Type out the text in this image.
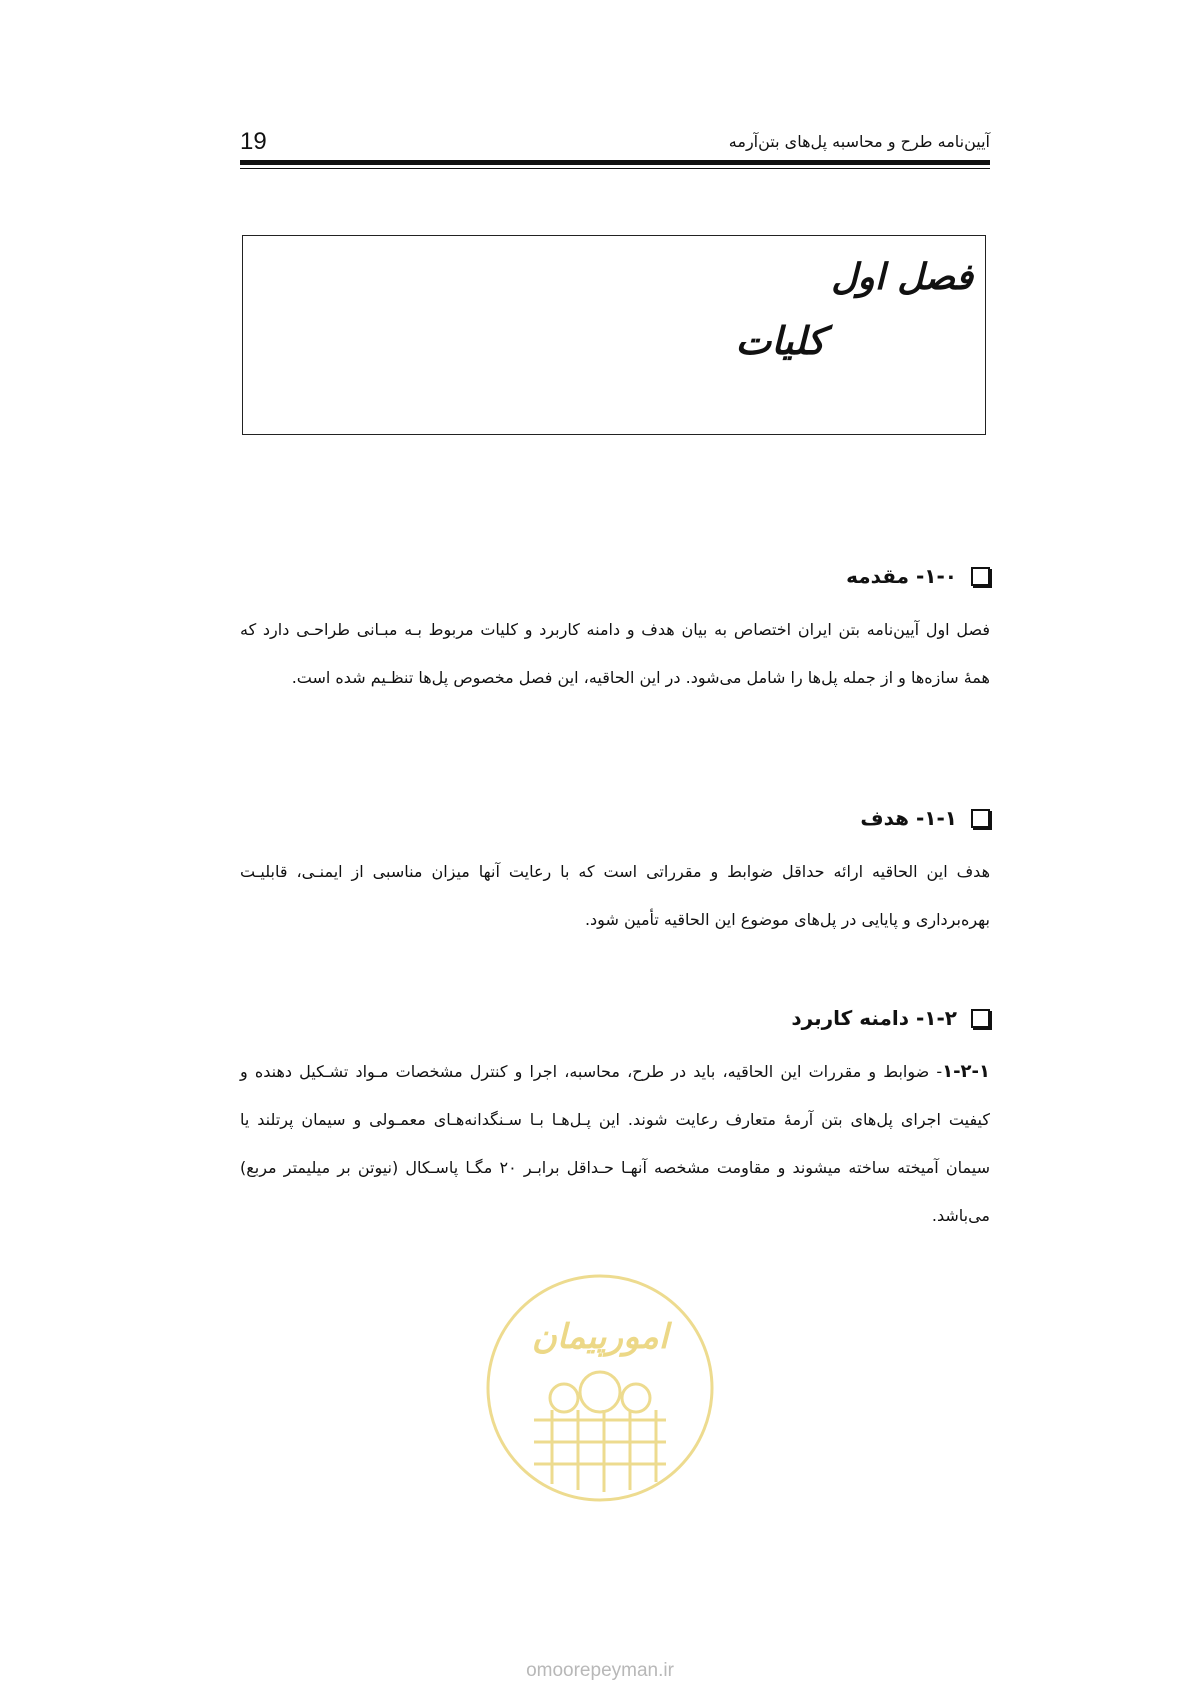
19	آیین‌نامه طرح و محاسبه پل‌های بتن‌آرمه
فصل اول
کلیات
۱-۰- مقدمه

فصل اول آیین‌نامه بتن ایران اختصاص به بیان هدف و دامنه کاربرد و کلیات مربوط بـه مبـانی طراحـی دارد که همهٔ سازه‌ها و از جمله پل‌ها را شامل می‌شود. در این الحاقیه، این فصل مخصوص پل‌ها تنظـیم شده است.

۱-۱- هدف

هدف این الحاقیه ارائه حداقل ضوابط و مقرراتی است که با رعایت آنها میزان مناسبی از ایمنـی، قابلیـت بهره‌برداری و پایایی در پل‌های موضوع این الحاقیه تأمین شود.

۱-۲- دامنه کاربرد

۱-۲-۱- ضوابط و مقررات این الحاقیه، باید در طرح، محاسبه، اجرا و کنترل مشخصات مـواد تشـکیل دهنده و کیفیت اجرای پل‌های بتن آرمهٔ متعارف رعایت شوند. این پـل‌هـا بـا سـنگدانه‌هـای معمـولی و سیمان پرتلند یا سیمان آمیخته ساخته میشوند و مقاومت مشخصه آنهـا حـداقل برابـر ۲۰ مگـا پاسـکال (نیوتن بر میلیمتر مربع) می‌باشد.

امورپیمان
omoorepeyman.ir
